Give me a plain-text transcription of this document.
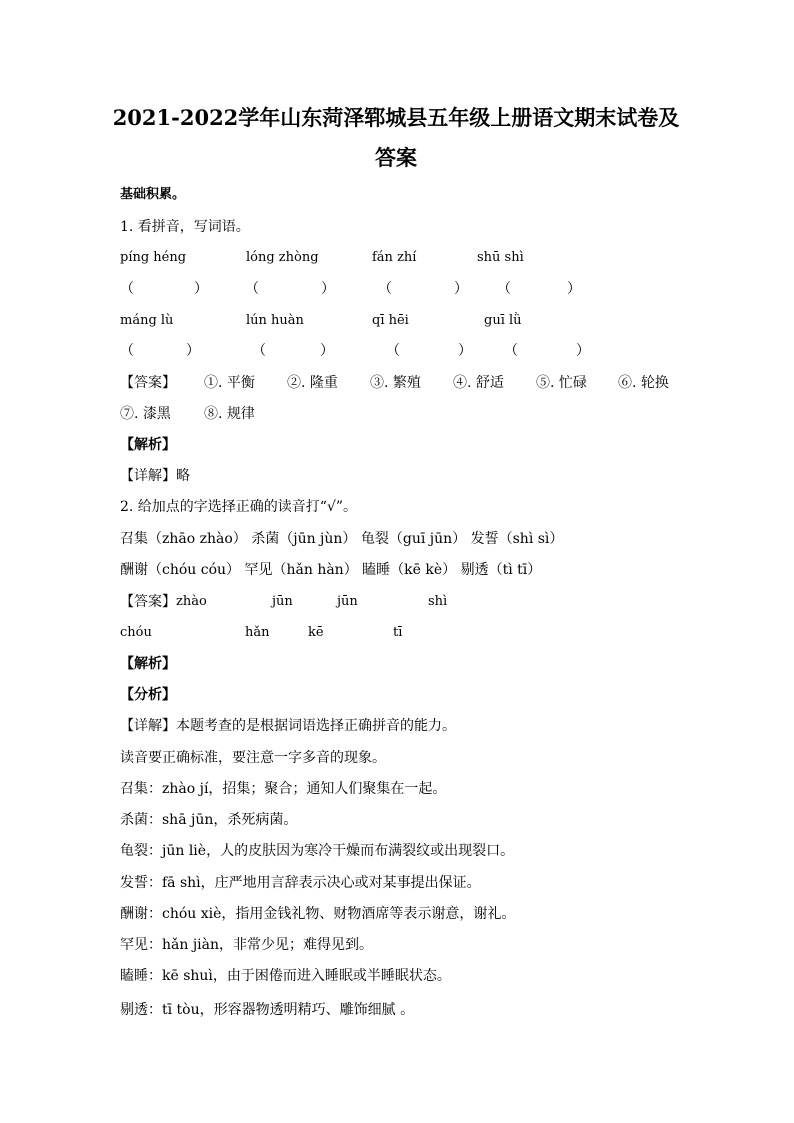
2021-2022学年山东菏泽郓城县五年级上册语文期末试卷及
答案
基础积累。
1. 看拼音，写词语。
píng héng	lóng zhòng	fán zhí	shū shì
（	）	（	）	（	） （	）
máng lù	lún huàn	qī hēi	guī lǜ
（	）	（	）	（	） （	）
【答案】 ①. 平衡 ②. 隆重 ③. 繁殖 ④. 舒适 ⑤. 忙碌 ⑥. 轮换
⑦. 漆黑 ⑧. 规律
【解析】
【详解】略
2. 给加点的字选择正确的读音打“√”。
召集（zhāo zhào） 杀菌（jūn jùn） 龟裂（guī jūn） 发誓（shì sì）
酬谢（chóu cóu） 罕见（hǎn hàn） 瞌睡（kē kè） 剔透（tì tī）
【答案】 zhào	jūn	jūn	shì
chóu	hǎn	kē	tī
【解析】
【分析】
【详解】本题考查的是根据词语选择正确拼音的能力。
读音要正确标准，要注意一字多音的现象。
召集：zhào jí，招集；聚合；通知人们聚集在一起。
杀菌：shā jūn，杀死病菌。
龟裂：jūn liè，人的皮肤因为寒冷干燥而布满裂纹或出现裂口。
发誓：fā shì，庄严地用言辞表示决心或对某事提出保证。
酬谢：chóu xiè，指用金钱礼物、财物酒席等表示谢意，谢礼。
罕见：hǎn jiàn，非常少见；难得见到。
瞌睡：kē shuì，由于困倦而进入睡眠或半睡眠状态。
剔透：tī tòu，形容器物透明精巧、雕饰细腻 。
